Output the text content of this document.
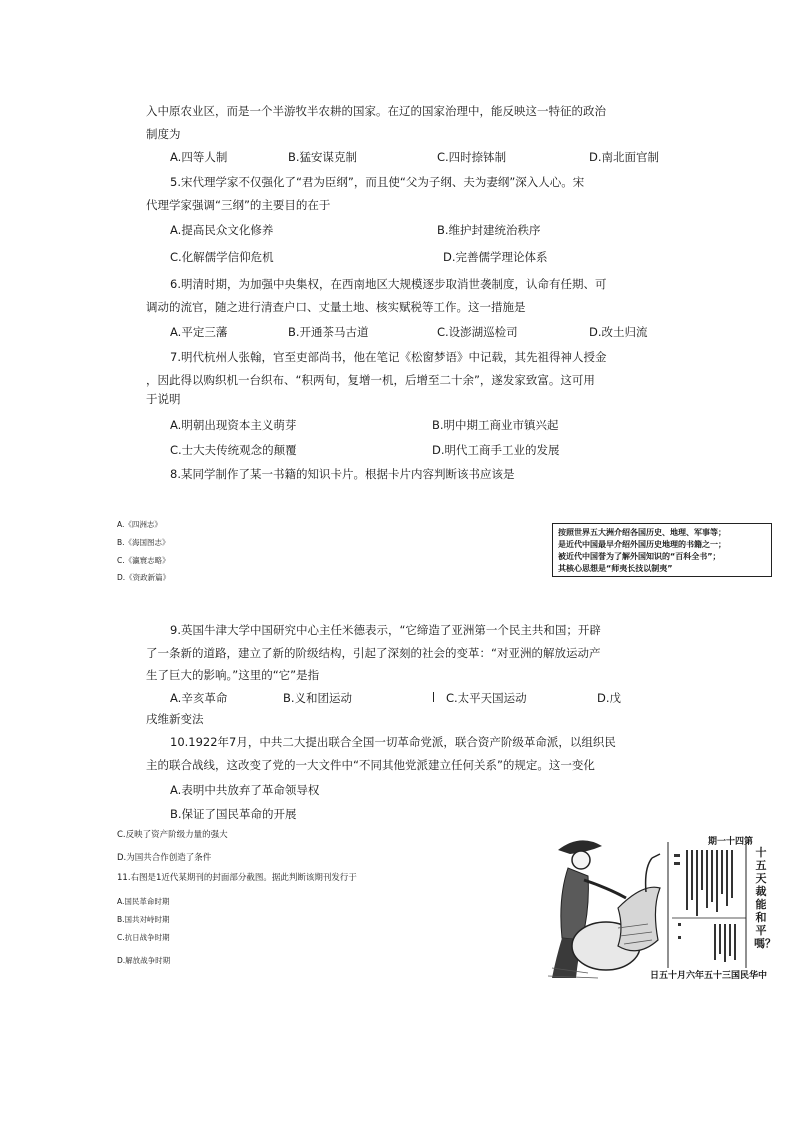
入中原农业区，而是一个半游牧半农耕的国家。在辽的国家治理中，能反映这一特征的政治
制度为
A.四等人制	B.猛安谋克制	C.四时捺钵制	D.南北面官制
5.宋代理学家不仅强化了“君为臣纲”，而且使“父为子纲、夫为妻纲”深入人心。宋
代理学家强调“三纲”的主要目的在于
A.提高民众文化修养	B.维护封建统治秩序
C.化解儒学信仰危机	D.完善儒学理论体系
6.明清时期，为加强中央集权，在西南地区大规模逐步取消世袭制度，认命有任期、可
调动的流官，随之进行清查户口、丈量土地、核实赋税等工作。这一措施是
A.平定三藩	B.开通茶马古道	C.设澎湖巡检司	D.改土归流
7.明代杭州人张翰，官至吏部尚书，他在笔记《松窗梦语》中记载，其先祖得神人授金
，因此得以购织机一台织布、“积两旬，复增一机，后增至二十余”，遂发家致富。这可用
于说明
A.明朝出现资本主义萌芽	B.明中期工商业市镇兴起
C.士大夫传统观念的颠覆	D.明代工商手工业的发展
8.某同学制作了某一书籍的知识卡片。根据卡片内容判断该书应该是
A.《四洲志》
B.《海国图志》
C.《瀛寰志略》
D.《资政新篇》
按照世界五大洲介绍各国历史、地理、军事等；
是近代中国最早介绍外国历史地理的书籍之一；
被近代中国誉为了解外国知识的“百科全书”；
其核心思想是“师夷长技以制夷”
9.英国牛津大学中国研究中心主任米德表示，“它缔造了亚洲第一个民主共和国；开辟
了一条新的道路，建立了新的阶级结构，引起了深刻的社会的变革：“对亚洲的解放运动产
生了巨大的影响。”这里的“它”是指
A.辛亥革命	B.义和团运动	C.太平天国运动	D.戊
戌维新变法
10.1922年7月，中共二大提出联合全国一切革命党派，联合资产阶级革命派，以组织民
主的联合战线，这改变了党的一大文件中“不同其他党派建立任何关系”的规定。这一变化
A.表明中共放弃了革命领导权
B.保证了国民革命的开展
C.反映了资产阶级力量的强大
D.为国共合作创造了条件
11.右图是1近代某期刊的封面部分截图。据此判断该期刊发行于
A.国民革命时期
B.国共对峙时期
C.抗日战争时期
D.解放战争时期
期一十四第
十五天裁能和平嗎？
日五十月六年五十三国民华中
